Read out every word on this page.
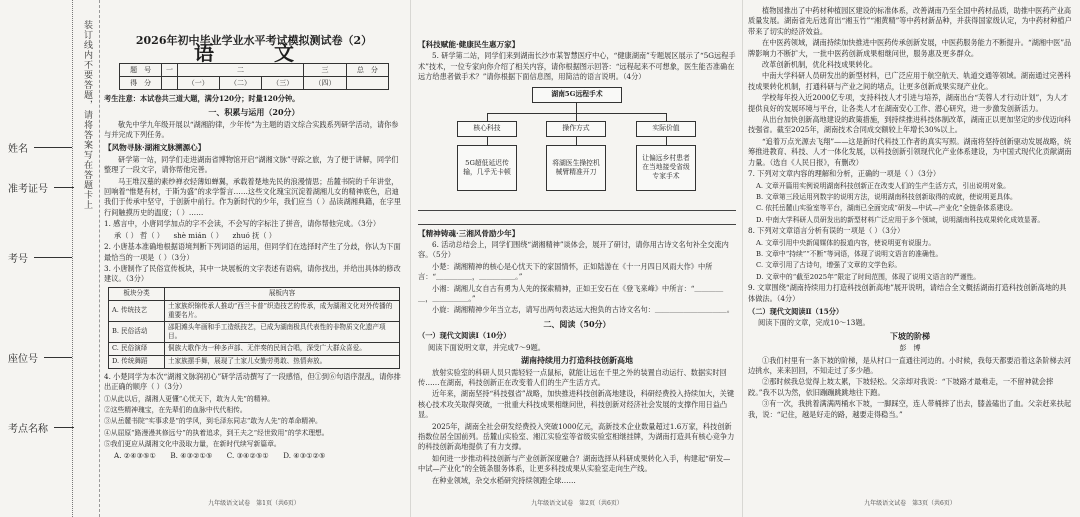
姓名
准考证号
考号
座位号
考点名称
装订线内不要答题，请将答案写在答题卡上	2026年初中毕业学业水平考试模拟测试卷（2）
语　文
题　号	一	二			三	总　分
得　分		（一）	（二）	（三）	（四）	
考生注意：本试卷共三道大题，满分120分；时量120分钟。
一、积累与运用（20分）
敬先中学九年级开展以“湖湘韵律，少年传”为主题的语文综合实践系列研学活动，请你参与并完成下列任务。
【风物寻脉·湖湘文脉溯源心】
研学第一站，同学们走进湖南省博物馆开启“湖湘文脉”寻踪之旅，为了便于讲解，同学们整理了一段文字，请你帮他完善。
马王堆汉墓的素纱禅衣轻薄如蝉翼，承载着楚地先民的浪漫情思；岳麓书院的千年讲堂，回响着“惟楚有材，于斯为盛”的求学誓言……这些文化瑰宝沉淀着湖湘儿女的精神底色，启迪我们于传承中坚守，于创新中前行。作为新时代的少年，我们应当（ ）品读湖湘典籍，在字里行间触摸历史的温度；（ ）……
1. 感言中，小唐同学加点的字不会读，不会写的字标注了拼音，请你帮他完成。（3分）
承（ ） 哲（ ） 　shè mián（ ） 　zhuó 抚（ ）
2. 小唐基本准确地根据语境判断下列词语的运用，但同学们在选择时产生了分歧，你认为下面最恰当的一项是（ ）（3分）
3. 小唐制作了民俗宣传板块，其中一块展板的文字表述有语病，请你找出，并给出具体的修改建议。（3分）
板块分类	展板内容
A. 传统技艺	土家族织锦传承人推动“西兰卡普”织造技艺的传承，成为湖湘文化对外传播的重要名片。
B. 民俗活动	邵阳滩头年画和手工造纸技艺，已成为湖南极具代表性的非物质文化遗产项目。
C. 民俗演绎	侗族大歌作为一种多声部、无伴奏的民间合唱，深受广大群众喜爱。
D. 传统舞蹈	土家族摆手舞，展现了土家儿女勤劳勇敢、热情奔放。
4. 小楚同学为本次“湖湘文脉润初心”研学活动撰写了一段感悟，但①到⑥句语序混乱，请你排出正确的顺序（ ）（3分）
①从此以后，湖湘人更懂“心忧天下，敢为人先”的精神。
②这些精神瑰宝，在先辈们的血脉中代代相传。
③从岳麓书院“实事求是”的学风，到毛泽东同志“敢为人先”的革命精神。
④从屈原“路漫漫其修远兮”的执着追求，到王夫之“经世致用”的学术理想。
⑤我们更应从湖湘文化中汲取力量，在新时代续写新篇章。
A. ②④③⑤①　　B. ④③②①⑤　　C. ③④②⑤①　　D. ④③①②⑤
九年级语文试卷　第1页（共6页）
【科技赋能·健康民生惠万家】
5. 研学第二站，同学们来到湖南长沙市某智慧医疗中心，“健康湖南”专题展区展示了“5G远程手术”技术，一位专家向你介绍了相关内容，请你根据图示回答：“远程起来不可想象，医生能否准确在远方给患者做手术？”请你根据下面信息图，用简洁的语言说明。（4分）
湖南5G远程手术
核心科技	操作方式	实际价值
5G超低延迟传输，几乎无卡顿
将湖医生操控机械臂精准开刀
让偏远乡村患者在当地接受省级专家手术
【精神铸魂·三湘风骨励少年】
6. 活动总结会上，同学们围绕“湖湘精神”谈体会，展开了研讨，请你用古诗文名句补全交流内容。（5分）
小楚：湖湘精神的核心是心忧天下的家国情怀，正如陆游在《十一月四日风雨大作》中所言：“＿＿＿＿＿，＿＿＿＿＿。”
小湘：湖湘儿女自古有勇为人先的探索精神，正如王安石在《登飞来峰》中所言：“＿＿＿＿＿，＿＿＿＿＿。”
小旋：湖湘精神少年当立志，请写出两句表达远大抱负的古诗文名句：＿＿＿＿＿＿＿＿＿＿。
二、阅读（50分）
（一）现代文阅读Ⅰ（10分）
阅读下面说明文章，并完成7～9题。
湖南持续用力打造科技创新高地
放射实验室的科研人员只需轻轻一点鼠标，就能让远在千里之外的装置自动运行、数据实时回传……在湖南，科技创新正在改变着人们的生产生活方式。
近年来，湖南坚持“科技强省”战略，加快推进科技创新高地建设，科研经费投入持续加大，关键核心技术攻关取得突破，一批重大科技成果相继问世，科技创新对经济社会发展的支撑作用日益凸显。
2025年，湖南全社会研发经费投入突破1000亿元，高新技术企业数量超过1.6万家，科技创新指数位居全国前列。岳麓山实验室、湘江实验室等省级实验室相继挂牌，为湖南打造具有核心竞争力的科技创新高地提供了有力支撑。
如何进一步推动科技创新与产业创新深度融合？湖南选择从科研成果转化入手，构建起“研发—中试—产业化”的全链条服务体系，让更多科技成果从实验室走向生产线。
在种业领域，杂交水稻研究持续领跑全球……
九年级语文试卷　第2页（共6页）
植物园推出了中药材种植园区建设的标准体系，改善湖南乃至全国中药材品质，助推中医药产业高质量发展。湖南省先后选育出“湘玉竹”“湘黄精”等中药材新品种，并获得国家级认定，为中药材种植户带来了切实的经济效益。
在中医药领域，湖南持续加快推进中医药传承创新发展，中医药服务能力不断提升。“湖湘中医”品牌影响力不断扩大，一批中医药创新成果相继问世，服务惠及更多群众。
改革创新机制，优化科技成果转化。
中南大学科研人员研发出的新型材料，已广泛应用于航空航天、轨道交通等领域。湖南通过完善科技成果转化机制，打通科研与产业之间的堵点，让更多创新成果实现产业化。
学校每年投入近2000亿专项，支持科技人才引进与培养，湖南出台“芙蓉人才行动计划”，为人才提供良好的发展环境与平台，让各类人才在湖南安心工作、潜心研究，进一步激发创新活力。
从出台加快创新高地建设的政策措施，到持续推进科技体制改革，湖南正以更加坚定的步伐迈向科技强省。截至2025年，湖南技术合同成交额较上年增长30%以上。
“追着万点光源去飞翔”——这是新时代科技工作者的真实写照。湖南将坚持创新驱动发展战略，统筹推进教育、科技、人才一体化发展，以科技创新引领现代化产业体系建设，为中国式现代化贡献湖南力量。（选自《人民日报》，有删改）
7. 下列对文章内容的理解和分析，正确的一项是（ ）（3分）
A. 文章开篇用实例说明湖南科技创新正在改变人们的生产生活方式，引出说明对象。
B. 文章第三段运用列数字的说明方法，说明湖南科技创新取得的成就，使说明更具体。
C. 依托岳麓山实验室等平台，湖南已全面完成“研发—中试—产业化”全链条体系建设。
D. 中南大学科研人员研发出的新型材料广泛应用于多个领域，说明湖南科技成果转化成效显著。
8. 下列对文章语言分析有误的一项是（ ）（3分）
A. 文章引用中央新闻媒体的报道内容，使说明更有说服力。
B. 文章中“持续”“不断”等词语，体现了说明文语言的准确性。
C. 文章引用了古诗句，增强了文章的文学色彩。
D. 文章中的“截至2025年”限定了时间范围，体现了说明文语言的严谨性。
9. 文章围绕“湖南持续用力打造科技创新高地”展开说明，请结合全文概括湖南打造科技创新高地的具体做法。（4分）
（二）现代文阅读Ⅱ（15分）
阅读下面的文章，完成10～13题。
下坡的阶梯
彭　博
①我们村里有一条下坡的阶梯，是从村口一直通往河边的。小时候，我每天都要沿着这条阶梯去河边挑水，来来回回，不知走过了多少趟。
②那时候我总觉得上坡太累，下坡轻松。父亲却对我说：“下坡路才最难走，一不留神就会摔跤。”我不以为然，依旧蹦蹦跳跳地往下跑。
③有一次，我挑着满满两桶水下坡，一脚踩空，连人带桶摔了出去，膝盖磕出了血。父亲赶来扶起我，说：“记住，越是好走的路，越要走得稳当。”
九年级语文试卷　第3页（共6页）
